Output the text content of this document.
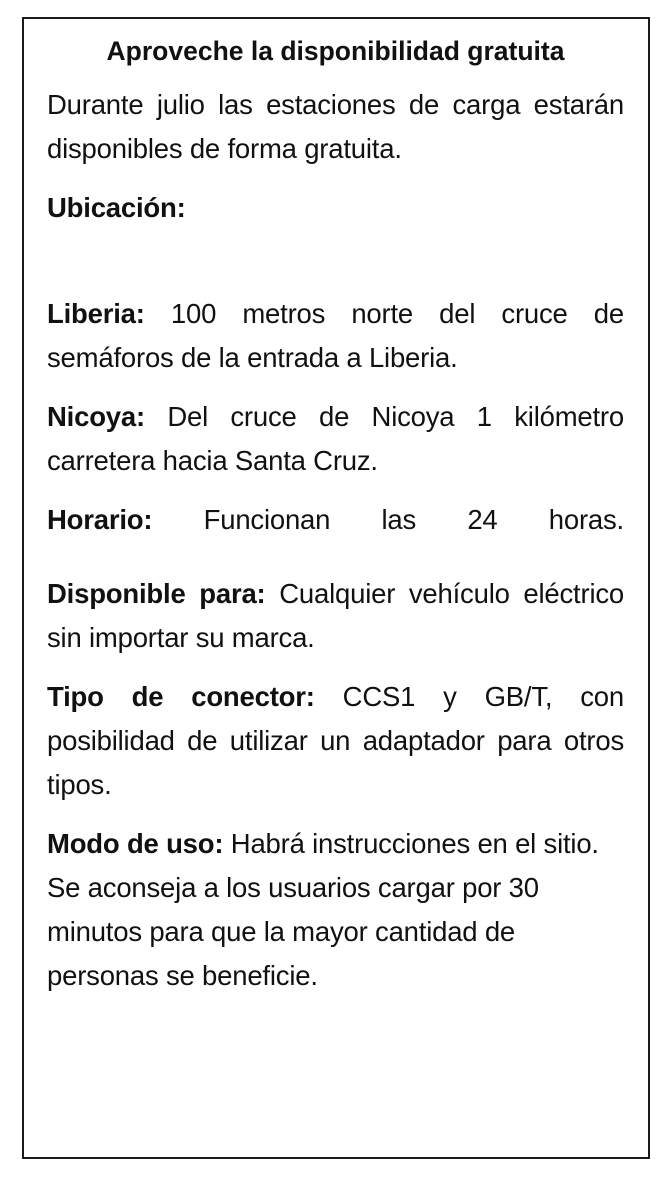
Aproveche la disponibilidad gratuita

Durante julio las estaciones de carga estarán disponibles de forma gratuita.

Ubicación:

Liberia: 100 metros norte del cruce de semáforos de la entrada a Liberia.

Nicoya: Del cruce de Nicoya 1 kilómetro carretera hacia Santa Cruz.

Horario: Funcionan las 24 horas.

Disponible para: Cualquier vehículo eléctrico sin importar su marca.

Tipo de conector: CCS1 y GB/T, con posibilidad de utilizar un adaptador para otros tipos.

Modo de uso: Habrá instrucciones en el sitio. Se aconseja a los usuarios cargar por 30 minutos para que la mayor cantidad de personas se beneficie.
